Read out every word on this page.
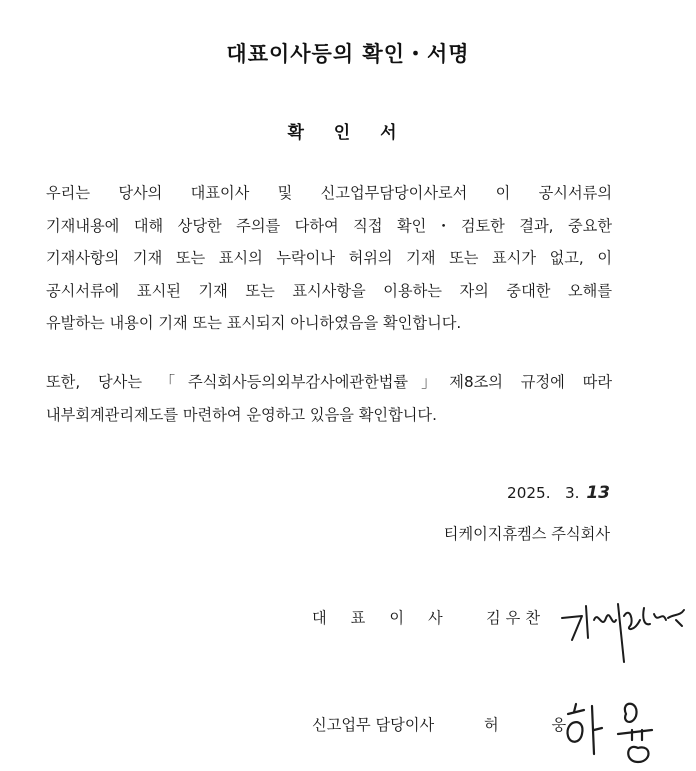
대표이사등의 확인・서명
확 인 서
우리는 당사의 대표이사 및 신고업무담당이사로서 이 공시서류의
기재내용에 대해 상당한 주의를 다하여 직접 확인・검토한 결과, 중요한
기재사항의 기재 또는 표시의 누락이나 허위의 기재 또는 표시가 없고, 이
공시서류에 표시된 기재 또는 표시사항을 이용하는 자의 중대한 오해를
유발하는 내용이 기재 또는 표시되지 아니하였음을 확인합니다.
또한, 당사는 「주식회사등의외부감사에관한법률」제8조의 규정에 따라
내부회계관리제도를 마련하여 운영하고 있음을 확인합니다.
2025.   3. 13
티케이지휴켐스 주식회사
대표이사 김우찬
신고업무 담당이사	허 웅
